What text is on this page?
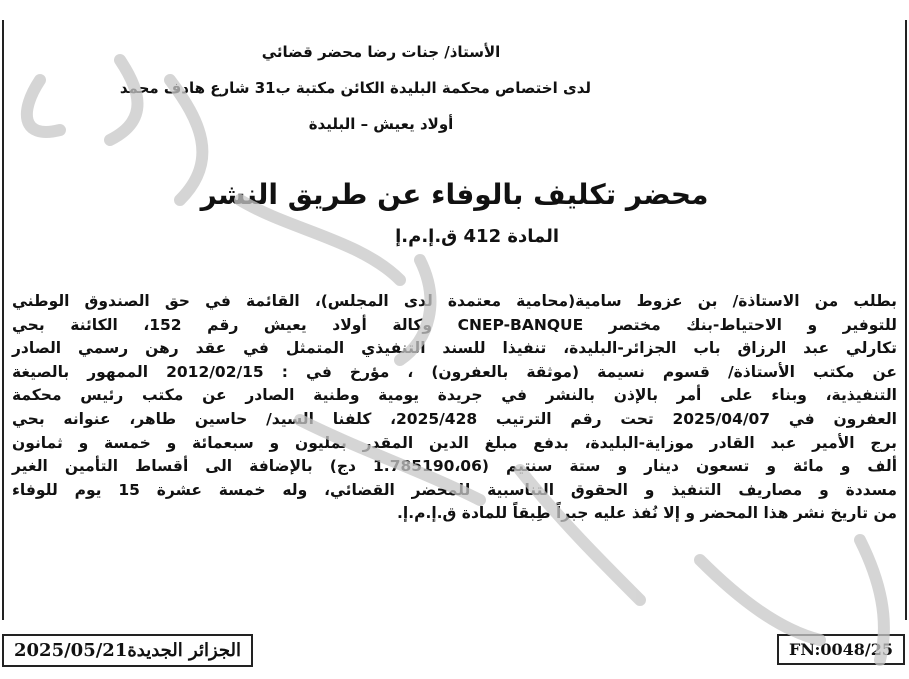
الأستاذ/ جنات رضا محضر قضائي
لدى اختصاص محكمة البليدة الكائن مكتبة ب31 شارع هادف محمد
أولاد يعيش – البليدة
محضر تكليف بالوفاء عن طريق النشر
المادة 412 ق.إ.م.إ

بطلب من الاستاذة/ بن عزوط سامية(محامية معتمدة لدى المجلس)، القائمة في حق الصندوق الوطني

للتوفير و الاحتياط-بنك مختصر CNEP-BANQUE وكالة أولاد يعيش رقم 152، الكائنة بحي

تكارلي عبد الرزاق باب الجزائر-البليدة، تنفيذا للسند التنفيذي المتمثل في عقد رهن رسمي الصادر

عن مكتب الأستاذة/ قسوم نسيمة (موثقة بالعفرون) ، مؤرخ في : 2012/02/15 الممهور بالصيغة

التنفيذية، وبناء على أمر بالإذن بالنشر في جريدة يومية وطنية الصادر عن مكتب رئيس محكمة

العفرون في 2025/04/07 تحت رقم الترتيب 2025/428، كلفنا السيد/ حاسين طاهر، عنوانه بحي

برج الأمير عبد القادر موزاية-البليدة، بدفع مبلغ الدين المقدر بمليون و سبعمائة و خمسة و ثمانون

ألف و مائة و تسعون دينار و ستة سنتيم (1.785190،06 دج) بالإضافة الى أقساط التأمين الغير

مسددة و مصاريف التنفيذ و الحقوق التناسبية للمحضر القضائي، وله خمسة عشرة 15 يوم للوفاء

من تاريخ نشر هذا المحضر و إلا نُفذ عليه جبراً طِبقاً للمادة ق.إ.م.إ.

الجزائر الجديدة2025/05/21	FN:0048/25
